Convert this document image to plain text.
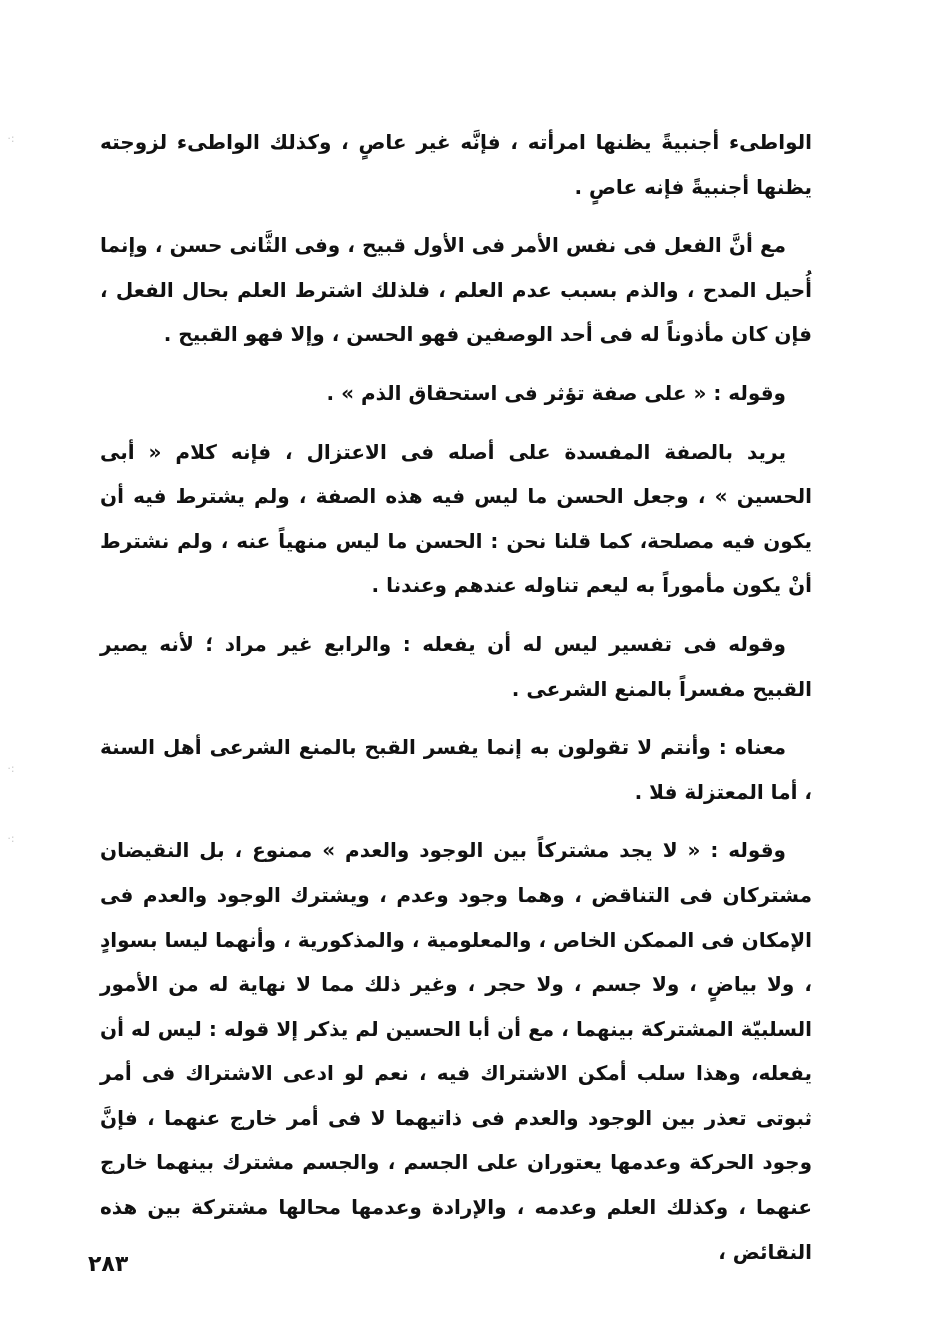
·:
·:
·:

الواطىء أجنبيةً يظنها امرأته ، فإنَّه غير عاصٍ ، وكذلك الواطىء لزوجته يظنها أجنبيةً فإنه عاصٍ .

مع أنَّ الفعل فى نفس الأمر فى الأول قبيح ، وفى الثَّانى حسن ، وإنما أُحيل المدح ، والذم بسبب عدم العلم ، فلذلك اشترط العلم بحال الفعل ، فإن كان مأذوناً له فى أحد الوصفين فهو الحسن ، وإلا فهو القبيح .

وقوله : « على صفة تؤثر فى استحقاق الذم » .

يريد بالصفة المفسدة على أصله فى الاعتزال ، فإنه كلام « أبى الحسين » ، وجعل الحسن ما ليس فيه هذه الصفة ، ولم يشترط فيه أن يكون فيه مصلحة، كما قلنا نحن : الحسن ما ليس منهياً عنه ، ولم نشترط أنْ يكون مأموراً به ليعم تناوله عندهم وعندنا .

وقوله فى تفسير ليس له أن يفعله : والرابع غير مراد ؛ لأنه يصير القبيح مفسراً بالمنع الشرعى .

معناه : وأنتم لا تقولون به إنما يفسر القبح بالمنع الشرعى أهل السنة ، أما المعتزلة فلا .

وقوله : « لا يجد مشتركاً بين الوجود والعدم » ممنوع ، بل النقيضان مشتركان فى التناقض ، وهما وجود وعدم ، ويشترك الوجود والعدم فى الإمكان فى الممكن الخاص ، والمعلومية ، والمذكورية ، وأنهما ليسا بسوادٍ ، ولا بياضٍ ، ولا جسم ، ولا حجر ، وغير ذلك مما لا نهاية له من الأمور السلبيّة المشتركة بينهما ، مع أن أبا الحسين لم يذكر إلا قوله : ليس له أن يفعله، وهذا سلب أمكن الاشتراك فيه ، نعم لو ادعى الاشتراك فى أمر ثبوتى تعذر بين الوجود والعدم فى ذاتيهما لا فى أمر خارج عنهما ، فإنَّ وجود الحركة وعدمها يعتوران على الجسم ، والجسم مشترك بينهما خارج عنهما ، وكذلك العلم وعدمه ، والإرادة وعدمها محالها مشتركة بين هذه النقائض ،

٢٨٣
